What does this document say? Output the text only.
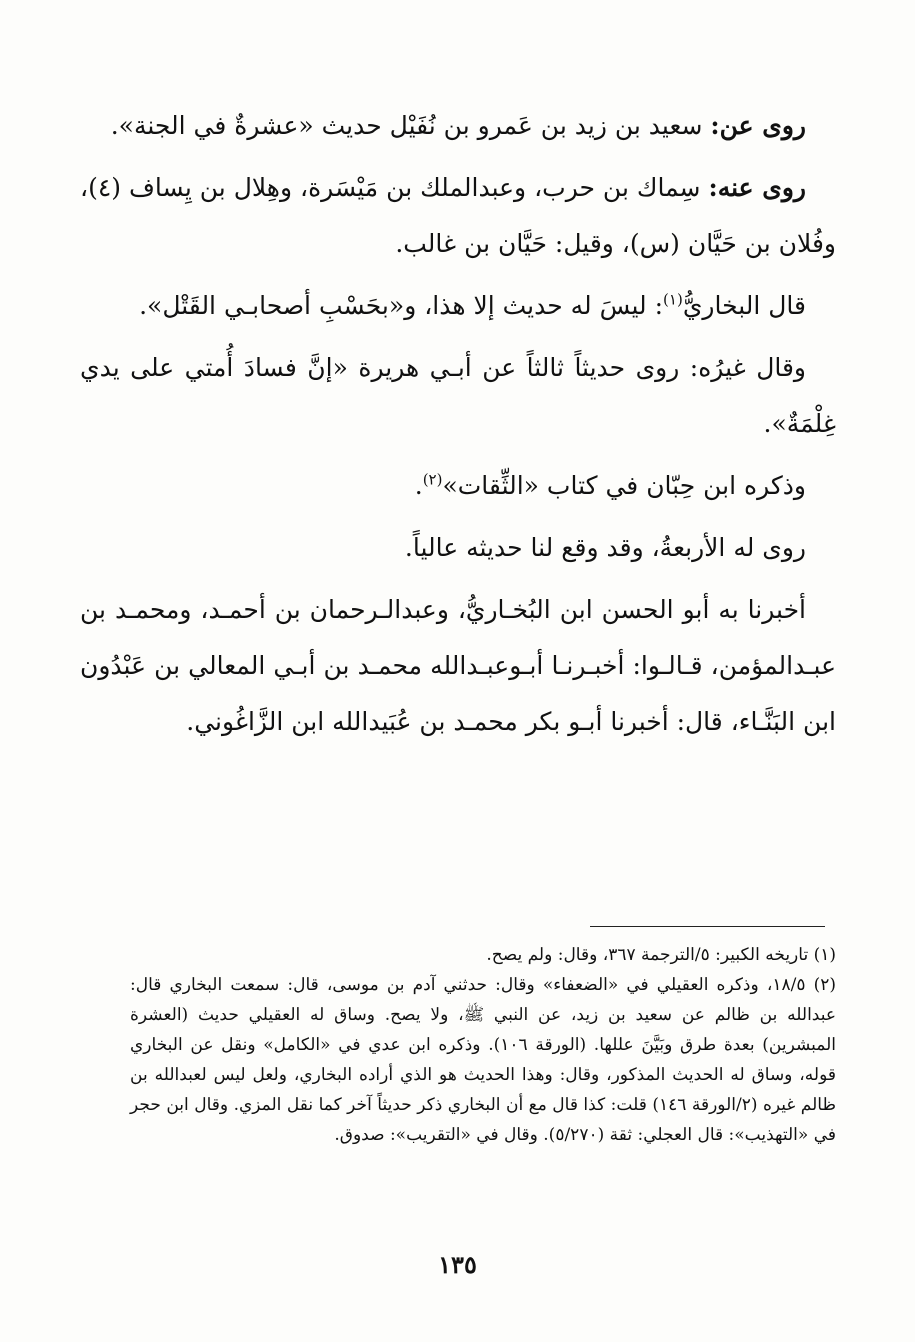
روى عن: سعيد بن زيد بن عَمرو بن نُفَيْل حديث «عشرةٌ في الجنة».

روى عنه: سِماك بن حرب، وعبدالملك بن مَيْسَرة، وهِلال بن يِساف (٤)، وفُلان بن حَيَّان (س)، وقيل: حَيَّان بن غالب.

قال البخاريُّ$^{(١)}$: ليسَ له حديث إلا هذا، و«بحَسْبِ أصحابـي القَتْل».

وقال غيرُه: روى حديثاً ثالثاً عن أبـي هريرة «إنَّ فسادَ أُمتي على يدي غِلْمَةٌ».

وذكره ابن حِبّان في كتاب «الثِّقات»$^{(٢)}$.

روى له الأربعةُ، وقد وقع لنا حديثه عالياً.

أخبرنا به أبو الحسن ابن البُخـاريُّ، وعبدالـرحمان بن أحمـد، ومحمـد بن عبـدالمؤمن، قـالـوا: أخبـرنـا أبـوعبـدالله محمـد بن أبـي المعالي بن عَبْدُون ابن البَنَّـاء، قال: أخبرنا أبـو بكر محمـد بن عُبَيدالله ابن الزَّاغُوني.

(١) تاريخه الكبير: ٥/الترجمة ٣٦٧، وقال: ولم يصح.

(٢) ١٨/٥، وذكره العقيلي في «الضعفاء» وقال: حدثني آدم بن موسى، قال: سمعت البخاري قال: عبدالله بن ظالم عن سعيد بن زيد، عن النبي ﷺ، ولا يصح. وساق له العقيلي حديث (العشرة المبشرين) بعدة طرق وبَيَّنَ عللها. (الورقة ١٠٦). وذكره ابن عدي في «الكامل» ونقل عن البخاري قوله، وساق له الحديث المذكور، وقال: وهذا الحديث هو الذي أراده البخاري، ولعل ليس لعبدالله بن ظالم غيره (٢/الورقة ١٤٦) قلت: كذا قال مع أن البخاري ذكر حديثاً آخر كما نقل المزي. وقال ابن حجر في «التهذيب»: قال العجلي: ثقة (٥/٢٧٠). وقال في «التقريب»: صدوق.

١٣٥
